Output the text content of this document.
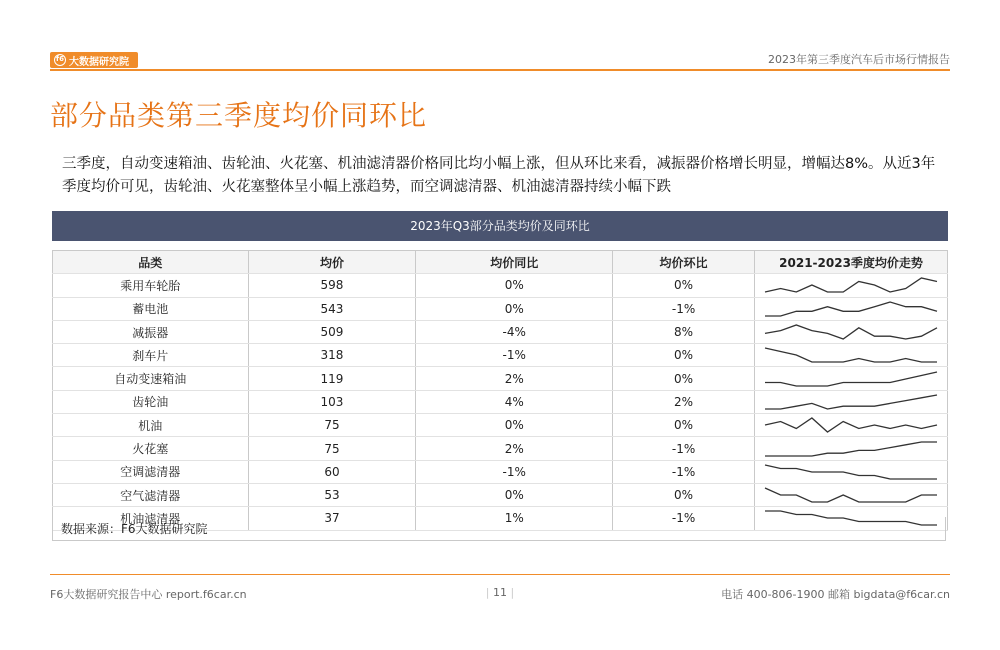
f6 大数据研究院	2023年第三季度汽车后市场行情报告
部分品类第三季度均价同环比
三季度，自动变速箱油、齿轮油、火花塞、机油滤清器价格同比均小幅上涨，但从环比来看，减振器价格增长明显，增幅达8%。从近3年季度均价可见，齿轮油、火花塞整体呈小幅上涨趋势，而空调滤清器、机油滤清器持续小幅下跌
2023年Q3部分品类均价及同环比
品类	均价	均价同比	均价环比	2021-2023季度均价走势
乘用车轮胎	598	0%	0%	

蓄电池	543	0%	-1%	

减振器	509	-4%	8%	

刹车片	318	-1%	0%	

自动变速箱油	119	2%	0%	

齿轮油	103	4%	2%	

机油	75	0%	0%	

火花塞	75	2%	-1%	

空调滤清器	60	-1%	-1%	

空气滤清器	53	0%	0%	

机油滤清器	37	1%	-1%	
数据来源：F6大数据研究院
F6大数据研究报告中心 report.f6car.cn	| 11 |	电话 400-806-1900 邮箱 bigdata@f6car.cn
